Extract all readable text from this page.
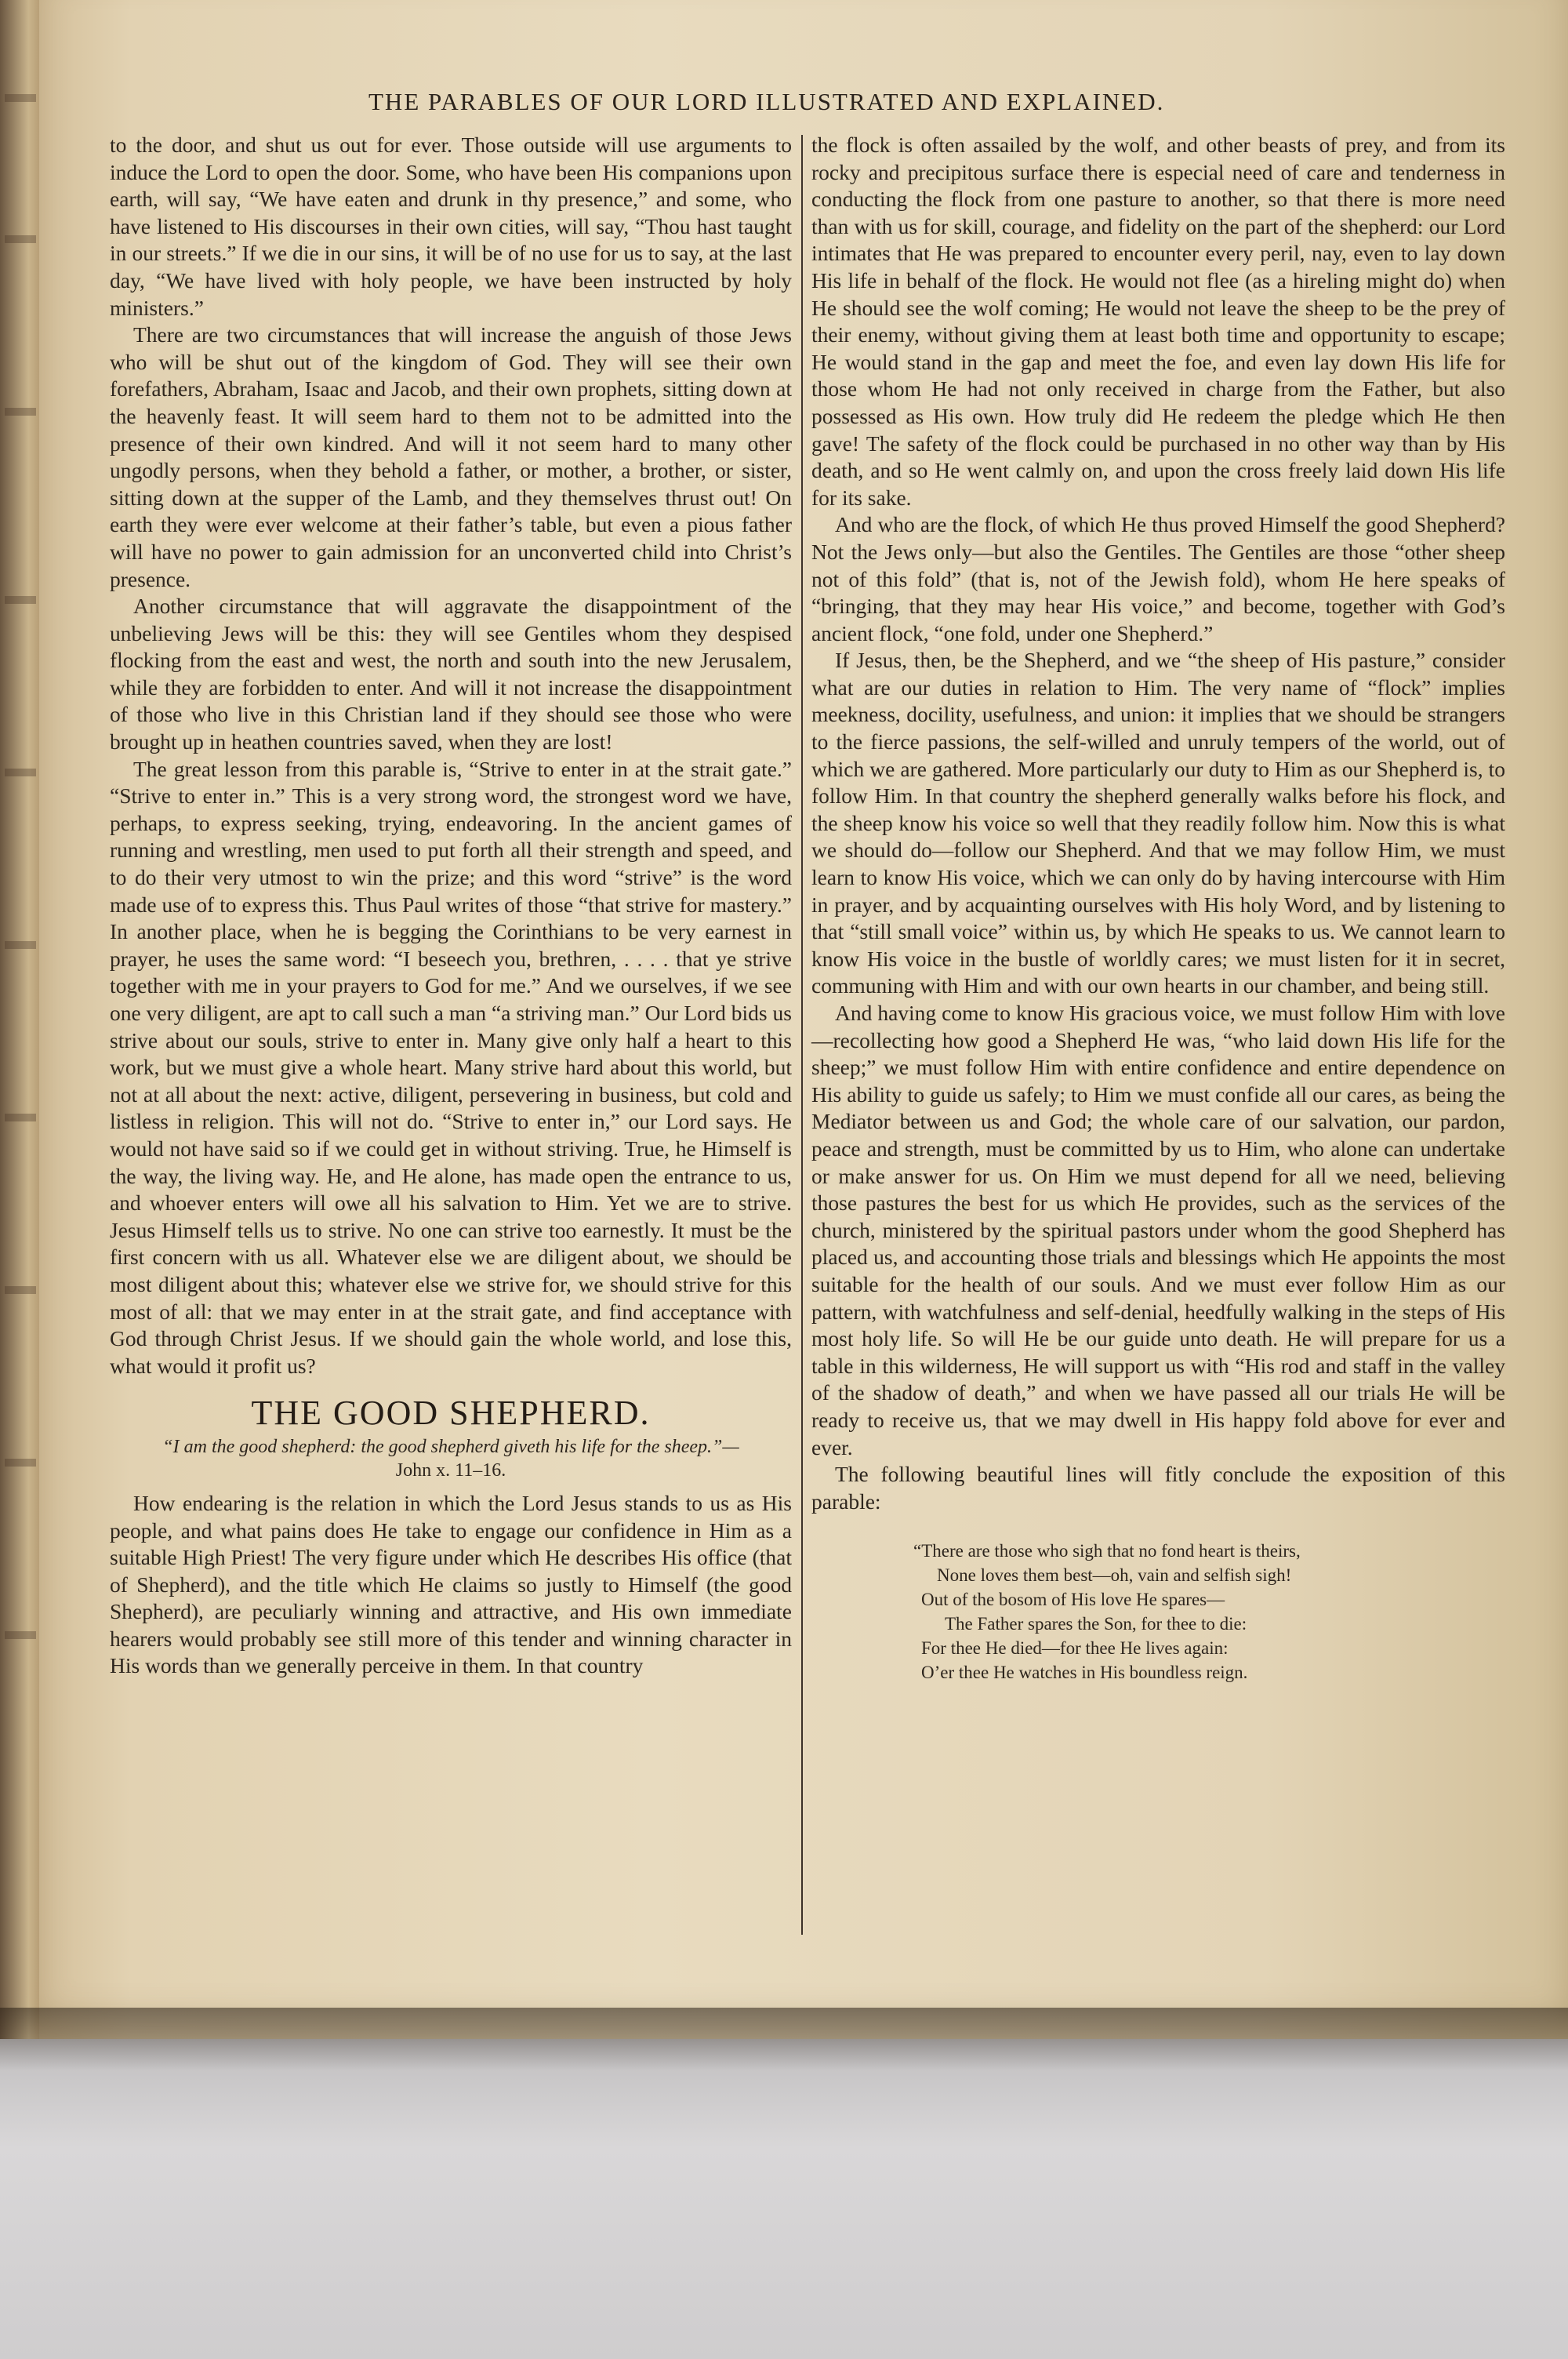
THE PARABLES OF OUR LORD ILLUSTRATED AND EXPLAINED.

to the door, and shut us out for ever. Those outside will use arguments to induce the Lord to open the door. Some, who have been His companions upon earth, will say, “We have eaten and drunk in thy presence,” and some, who have listened to His discourses in their own cities, will say, “Thou hast taught in our streets.” If we die in our sins, it will be of no use for us to say, at the last day, “We have lived with holy people, we have been instructed by holy ministers.”

There are two circumstances that will increase the anguish of those Jews who will be shut out of the kingdom of God. They will see their own forefathers, Abraham, Isaac and Jacob, and their own prophets, sitting down at the heavenly feast. It will seem hard to them not to be admitted into the presence of their own kindred. And will it not seem hard to many other ungodly persons, when they behold a father, or mother, a brother, or sister, sitting down at the supper of the Lamb, and they themselves thrust out! On earth they were ever welcome at their father’s table, but even a pious father will have no power to gain admission for an unconverted child into Christ’s presence.

Another circumstance that will aggravate the disappointment of the unbelieving Jews will be this: they will see Gentiles whom they despised flocking from the east and west, the north and south into the new Jerusalem, while they are forbidden to enter. And will it not increase the disappointment of those who live in this Christian land if they should see those who were brought up in heathen countries saved, when they are lost!

The great lesson from this parable is, “Strive to enter in at the strait gate.” “Strive to enter in.” This is a very strong word, the strongest word we have, perhaps, to express seeking, trying, endeavoring. In the ancient games of running and wrestling, men used to put forth all their strength and speed, and to do their very utmost to win the prize; and this word “strive” is the word made use of to express this. Thus Paul writes of those “that strive for mastery.” In another place, when he is begging the Corinthians to be very earnest in prayer, he uses the same word: “I beseech you, brethren, . . . . that ye strive together with me in your prayers to God for me.” And we ourselves, if we see one very diligent, are apt to call such a man “a striving man.” Our Lord bids us strive about our souls, strive to enter in. Many give only half a heart to this work, but we must give a whole heart. Many strive hard about this world, but not at all about the next: active, diligent, persevering in business, but cold and listless in religion. This will not do. “Strive to enter in,” our Lord says. He would not have said so if we could get in without striving. True, he Himself is the way, the living way. He, and He alone, has made open the entrance to us, and whoever enters will owe all his salvation to Him. Yet we are to strive. Jesus Himself tells us to strive. No one can strive too earnestly. It must be the first concern with us all. Whatever else we are diligent about, we should be most diligent about this; whatever else we strive for, we should strive for this most of all: that we may enter in at the strait gate, and find acceptance with God through Christ Jesus. If we should gain the whole world, and lose this, what would it profit us?

THE GOOD SHEPHERD.
“I am the good shepherd: the good shepherd giveth his life for the sheep.”—
John x. 11–16.

How endearing is the relation in which the Lord Jesus stands to us as His people, and what pains does He take to engage our confidence in Him as a suitable High Priest! The very figure under which He describes His office (that of Shepherd), and the title which He claims so justly to Himself (the good Shepherd), are peculiarly winning and attractive, and His own immediate hearers would probably see still more of this tender and winning character in His words than we generally perceive in them. In that country

the flock is often assailed by the wolf, and other beasts of prey, and from its rocky and precipitous surface there is especial need of care and tenderness in conducting the flock from one pasture to another, so that there is more need than with us for skill, courage, and fidelity on the part of the shepherd: our Lord intimates that He was prepared to encounter every peril, nay, even to lay down His life in behalf of the flock. He would not flee (as a hireling might do) when He should see the wolf coming; He would not leave the sheep to be the prey of their enemy, without giving them at least both time and opportunity to escape; He would stand in the gap and meet the foe, and even lay down His life for those whom He had not only received in charge from the Father, but also possessed as His own. How truly did He redeem the pledge which He then gave! The safety of the flock could be purchased in no other way than by His death, and so He went calmly on, and upon the cross freely laid down His life for its sake.

And who are the flock, of which He thus proved Himself the good Shepherd? Not the Jews only—but also the Gentiles. The Gentiles are those “other sheep not of this fold” (that is, not of the Jewish fold), whom He here speaks of “bringing, that they may hear His voice,” and become, together with God’s ancient flock, “one fold, under one Shepherd.”

If Jesus, then, be the Shepherd, and we “the sheep of His pasture,” consider what are our duties in relation to Him. The very name of “flock” implies meekness, docility, usefulness, and union: it implies that we should be strangers to the fierce passions, the self-willed and unruly tempers of the world, out of which we are gathered. More particularly our duty to Him as our Shepherd is, to follow Him. In that country the shepherd generally walks before his flock, and the sheep know his voice so well that they readily follow him. Now this is what we should do—follow our Shepherd. And that we may follow Him, we must learn to know His voice, which we can only do by having intercourse with Him in prayer, and by acquainting ourselves with His holy Word, and by listening to that “still small voice” within us, by which He speaks to us. We cannot learn to know His voice in the bustle of worldly cares; we must listen for it in secret, communing with Him and with our own hearts in our chamber, and being still.

And having come to know His gracious voice, we must follow Him with love—recollecting how good a Shepherd He was, “who laid down His life for the sheep;” we must follow Him with entire confidence and entire dependence on His ability to guide us safely; to Him we must confide all our cares, as being the Mediator between us and God; the whole care of our salvation, our pardon, peace and strength, must be committed by us to Him, who alone can undertake or make answer for us. On Him we must depend for all we need, believing those pastures the best for us which He provides, such as the services of the church, ministered by the spiritual pastors under whom the good Shepherd has placed us, and accounting those trials and blessings which He appoints the most suitable for the health of our souls. And we must ever follow Him as our pattern, with watchfulness and self-denial, heedfully walking in the steps of His most holy life. So will He be our guide unto death. He will prepare for us a table in this wilderness, He will support us with “His rod and staff in the valley of the shadow of death,” and when we have passed all our trials He will be ready to receive us, that we may dwell in His happy fold above for ever and ever.

The following beautiful lines will fitly conclude the exposition of this parable:

“There are those who sigh that no fond heart is theirs,

None loves them best—oh, vain and selfish sigh!

Out of the bosom of His love He spares—

The Father spares the Son, for thee to die:

For thee He died—for thee He lives again:

O’er thee He watches in His boundless reign.
